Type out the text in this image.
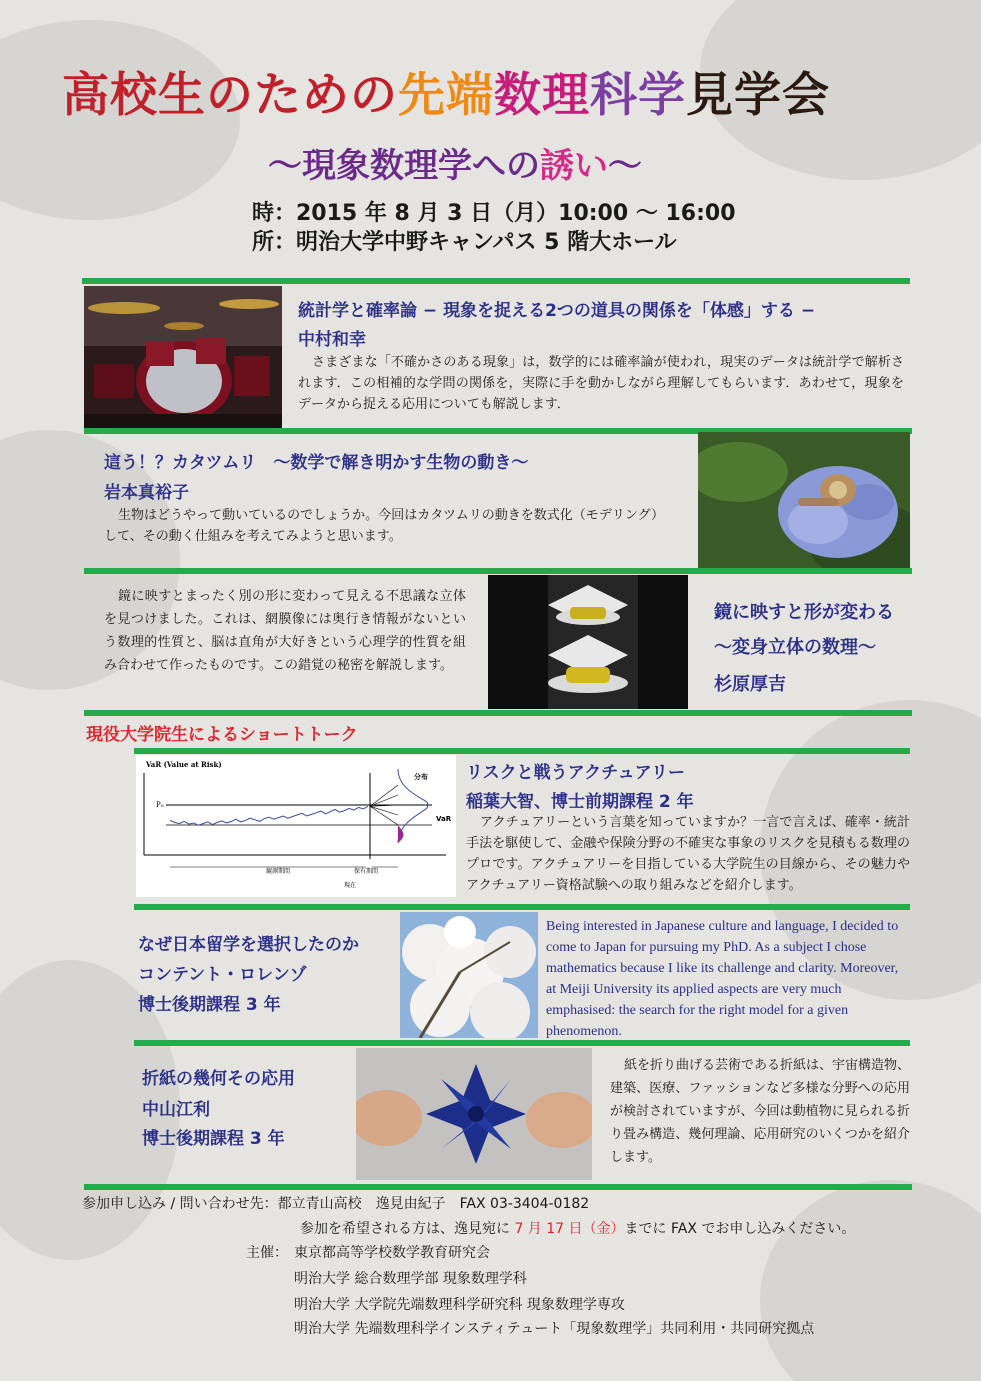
高校生のための先端数理科学見学会
～現象数理学への誘い～
時：2015 年 8 月 3 日（月）10:00 ～ 16:00
所：明治大学中野キャンパス 5 階大ホール
統計学と確率論 − 現象を捉える2つの道具の関係を「体感」する −
中村和幸
さまざまな「不確かさのある現象」は，数学的には確率論が使われ，現実のデータは統計学で解析されます．この相補的な学問の関係を，実際に手を動かしながら理解してもらいます．あわせて，現象をデータから捉える応用についても解説します．
這う！？カタツムリ　～数学で解き明かす生物の動き～
岩本真裕子
生物はどうやって動いているのでしょうか。今回はカタツムリの動きを数式化（モデリング）して、その動く仕組みを考えてみようと思います。
鏡に映すとまったく別の形に変わって見える不思議な立体を見つけました。これは、網膜像には奥行き情報がないという数理的性質と、脳は直角が大好きという心理学的性質を組み合わせて作ったものです。この錯覚の秘密を解説します。
鏡に映すと形が変わる
～変身立体の数理～
杉原厚吉
現役大学院生によるショートトーク
VaR (Value at Risk)
分布
P₀
VaR
観測期間	保有期間
現在
リスクと戦うアクチュアリー
稲葉大智、博士前期課程 2 年
アクチュアリーという言葉を知っていますか？一言で言えば、確率・統計手法を駆使して、金融や保険分野の不確実な事象のリスクを見積もる数理のプロです。アクチュアリーを目指している大学院生の目線から、その魅力やアクチュアリー資格試験への取り組みなどを紹介します。
なぜ日本留学を選択したのか
コンテント・ロレンゾ
博士後期課程 3 年
Being interested in Japanese culture and language, I decided to come to Japan for pursuing my PhD. As a subject I chose mathematics because I like its challenge and clarity. Moreover, at Meiji University its applied aspects are very much emphasised: the search for the right model for a given phenomenon.
折紙の幾何その応用
中山江利
博士後期課程 3 年
紙を折り曲げる芸術である折紙は、宇宙構造物、建築、医療、ファッションなど多様な分野への応用が検討されていますが、今回は動植物に見られる折り畳み構造、幾何理論、応用研究のいくつかを紹介します。
参加申し込み / 問い合わせ先：都立青山高校　逸見由紀子　FAX 03-3404-0182
参加を希望される方は、逸見宛に 7 月 17 日（金）までに FAX でお申し込みください。
主催： 東京都高等学校数学教育研究会
明治大学 総合数理学部 現象数理学科
明治大学 大学院先端数理科学研究科 現象数理学専攻
明治大学 先端数理科学インスティテュート「現象数理学」共同利用・共同研究拠点
